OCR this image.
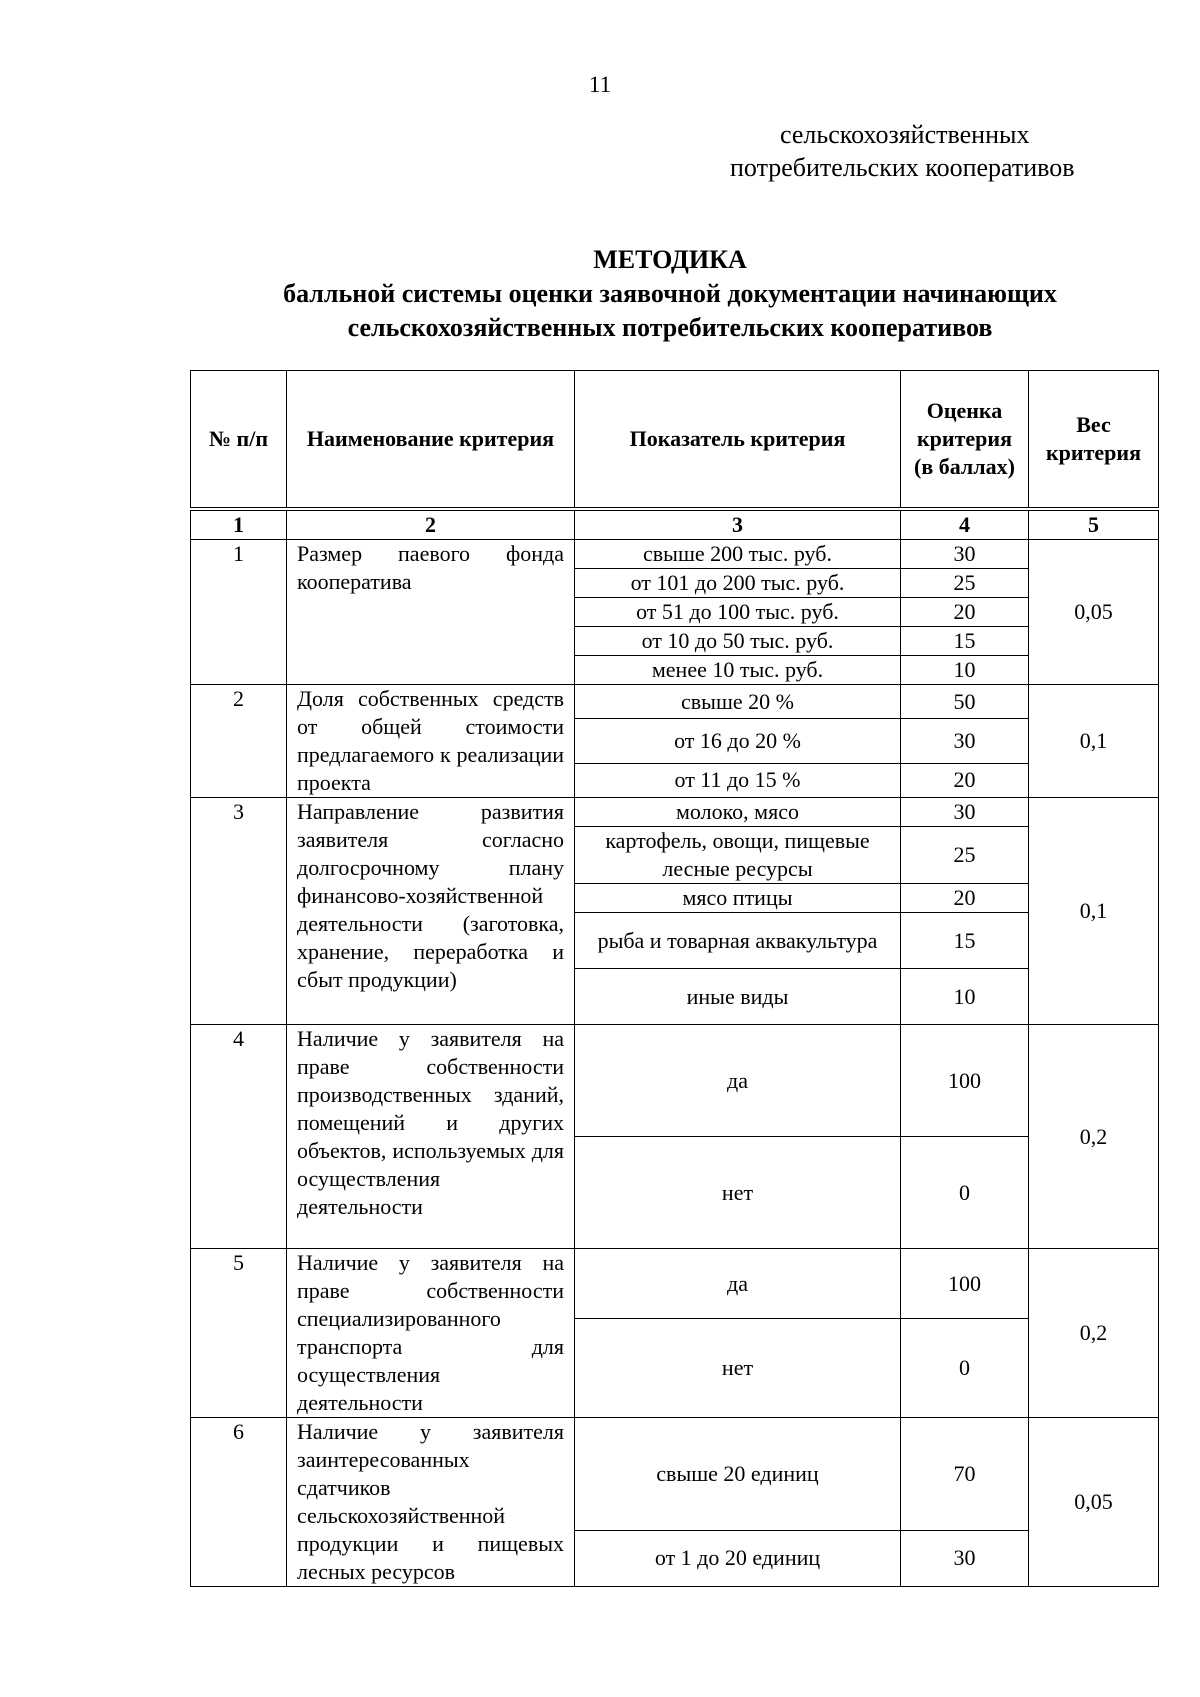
11
сельскохозяйственных
потребительских кооперативов
МЕТОДИКА
балльной системы оценки заявочной документации начинающих
сельскохозяйственных потребительских кооперативов
№ п/п	Наименование критерия	Показатель критерия	Оценка критерия (в баллах)	Вес критерия
1	2	3	4	5
1	Размер паевого фонда кооператива	свыше 200 тыс. руб.	30	0,05
		от 101 до 200 тыс. руб.	25	
		от 51 до 100 тыс. руб.	20	
		от 10 до 50 тыс. руб.	15	
		менее 10 тыс. руб.	10	
2	Доля собственных средств от общей стоимости предлагаемого к реализации проекта	свыше 20 %	50	0,1
		от 16 до 20 %	30	
		от 11 до 15 %	20	
3	Направление развития заявителя согласно долгосрочному плану финансово-хозяйственной деятельности (заготовка, хранение, переработка и сбыт продукции)	молоко, мясо	30	0,1
		картофель, овощи, пищевые лесные ресурсы	25	
		мясо птицы	20	
		рыба и товарная аквакультура	15	
		иные виды	10	
4	Наличие у заявителя на праве собственности производственных зданий, помещений и других объектов, используемых для осуществления деятельности	да	100	0,2
		нет	0	
5	Наличие у заявителя на праве собственности специализированного транспорта для осуществления деятельности	да	100	0,2
		нет	0	
6	Наличие у заявителя заинтересованных сдатчиков сельскохозяйственной продукции и пищевых лесных ресурсов	свыше 20 единиц	70	0,05
		от 1 до 20 единиц	30	
